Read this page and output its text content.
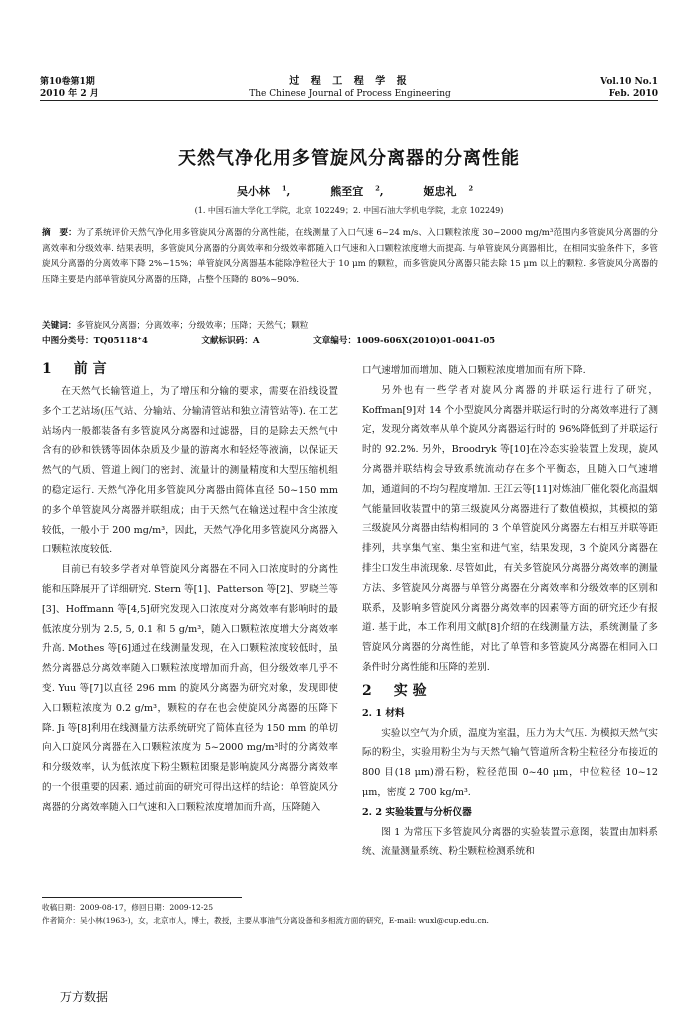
第10卷第1期
2010 年 2 月
过 程 工 程 学 报
The Chinese Journal of Process Engineering
Vol.10 No.1
Feb. 2010
天然气净化用多管旋风分离器的分离性能
吴小林 $^1$,	熊至宜 $^2$,	姬忠礼 $^2$
(1. 中国石油大学化工学院，北京 102249；2. 中国石油大学机电学院，北京 102249)
摘　要：为了系统评价天然气净化用多管旋风分离器的分离性能，在线测量了入口气速 6~24 m/s、入口颗粒浓度 30~2000 mg/m³范围内多管旋风分离器的分离效率和分级效率. 结果表明，多管旋风分离器的分离效率和分级效率都随入口气速和入口颗粒浓度增大而提高. 与单管旋风分离器相比，在相同实验条件下，多管旋风分离器的分离效率下降 2%~15%；单管旋风分离器基本能除净粒径大于 10 μm 的颗粒，而多管旋风分离器只能去除 15 μm 以上的颗粒. 多管旋风分离器的压降主要是内部单管旋风分离器的压降，占整个压降的 80%~90%.
关键词：多管旋风分离器；分离效率；分级效率；压降；天然气；颗粒
中图分类号：TQ05118⁺4	文献标识码：A	文章编号：1009-606X(2010)01-0041-05
1 前 言

在天然气长输管道上，为了增压和分输的要求，需要在沿线设置多个工艺站场(压气站、分输站、分输清管站和独立清管站等). 在工艺站场内一般都装备有多管旋风分离器和过滤器，目的是除去天然气中含有的砂和铁锈等固体杂质及少量的游离水和轻烃等液滴，以保证天然气的气质、管道上阀门的密封、流量计的测量精度和大型压缩机组的稳定运行. 天然气净化用多管旋风分离器由简体直径 50~150 mm 的多个单管旋风分离器并联组成；由于天然气在输送过程中含尘浓度较低，一般小于 200 mg/m³，因此，天然气净化用多管旋风分离器入口颗粒浓度较低.

目前已有较多学者对单管旋风分离器在不同入口浓度时的分离性能和压降展开了详细研究. Stern 等[1]、Patterson 等[2]、罗晓兰等[3]、Hoffmann 等[4,5]研究发现入口浓度对分离效率有影响时的最低浓度分别为 2.5, 5, 0.1 和 5 g/m³，随入口颗粒浓度增大分离效率升高. Mothes 等[6]通过在线测量发现，在入口颗粒浓度较低时，虽然分离器总分离效率随入口颗粒浓度增加而升高，但分级效率几乎不变. Yuu 等[7]以直径 296 mm 的旋风分离器为研究对象，发现即使入口颗粒浓度为 0.2 g/m³，颗粒的存在也会使旋风分离器的压降下降. Ji 等[8]利用在线测量方法系统研究了简体直径为 150 mm 的单切向入口旋风分离器在入口颗粒浓度为 5~2000 mg/m³时的分离效率和分级效率，认为低浓度下粉尘颗粒团聚是影响旋风分离器分离效率的一个很重要的因素. 通过前面的研究可得出这样的结论：单管旋风分离器的分离效率随入口气速和入口颗粒浓度增加而升高，压降随入

口气速增加而增加、随入口颗粒浓度增加而有所下降.

另外也有一些学者对旋风分离器的并联运行进行了研究，Koffman[9]对 14 个小型旋风分离器并联运行时的分离效率进行了测定，发现分离效率从单个旋风分离器运行时的 96%降低到了并联运行时的 92.2%. 另外，Broodryk 等[10]在冷态实验装置上发现，旋风分离器并联结构会导致系统流动存在多个平衡态，且随入口气速增加，通道间的不均匀程度增加. 王江云等[11]对炼油厂催化裂化高温烟气能量回收装置中的第三级旋风分离器进行了数值模拟，其模拟的第三级旋风分离器由结构相同的 3 个单管旋风分离器左右相互并联等距排列，共享集气室、集尘室和进气室，结果发现，3 个旋风分离器在排尘口发生串流现象. 尽管如此，有关多管旋风分离器分离效率的测量方法、多管旋风分离器与单管分离器在分离效率和分级效率的区别和联系，及影响多管旋风分离器分离效率的因素等方面的研究还少有报道. 基于此，本工作利用文献[8]介绍的在线测量方法，系统测量了多管旋风分离器的分离性能，对比了单管和多管旋风分离器在相同入口条件时分离性能和压降的差别.

2 实 验
2. 1 材料

实验以空气为介质，温度为室温，压力为大气压. 为模拟天然气实际的粉尘，实验用粉尘为与天然气输气管道所含粉尘粒径分布接近的 800 目(18 μm)滑石粉，粒径范围 0~40 μm，中位粒径 10~12 μm，密度 2 700 kg/m³.

2. 2 实验装置与分析仪器

图 1 为常压下多管旋风分离器的实验装置示意图，装置由加料系统、流量测量系统、粉尘颗粒检测系统和

收稿日期：2009-08-17，修回日期：2009-12-25
作者简介：吴小林(1963-)，女，北京市人，博士，教授，主要从事油气分离设备和多相流方面的研究，E-mail: wuxl@cup.edu.cn.
万方数据
